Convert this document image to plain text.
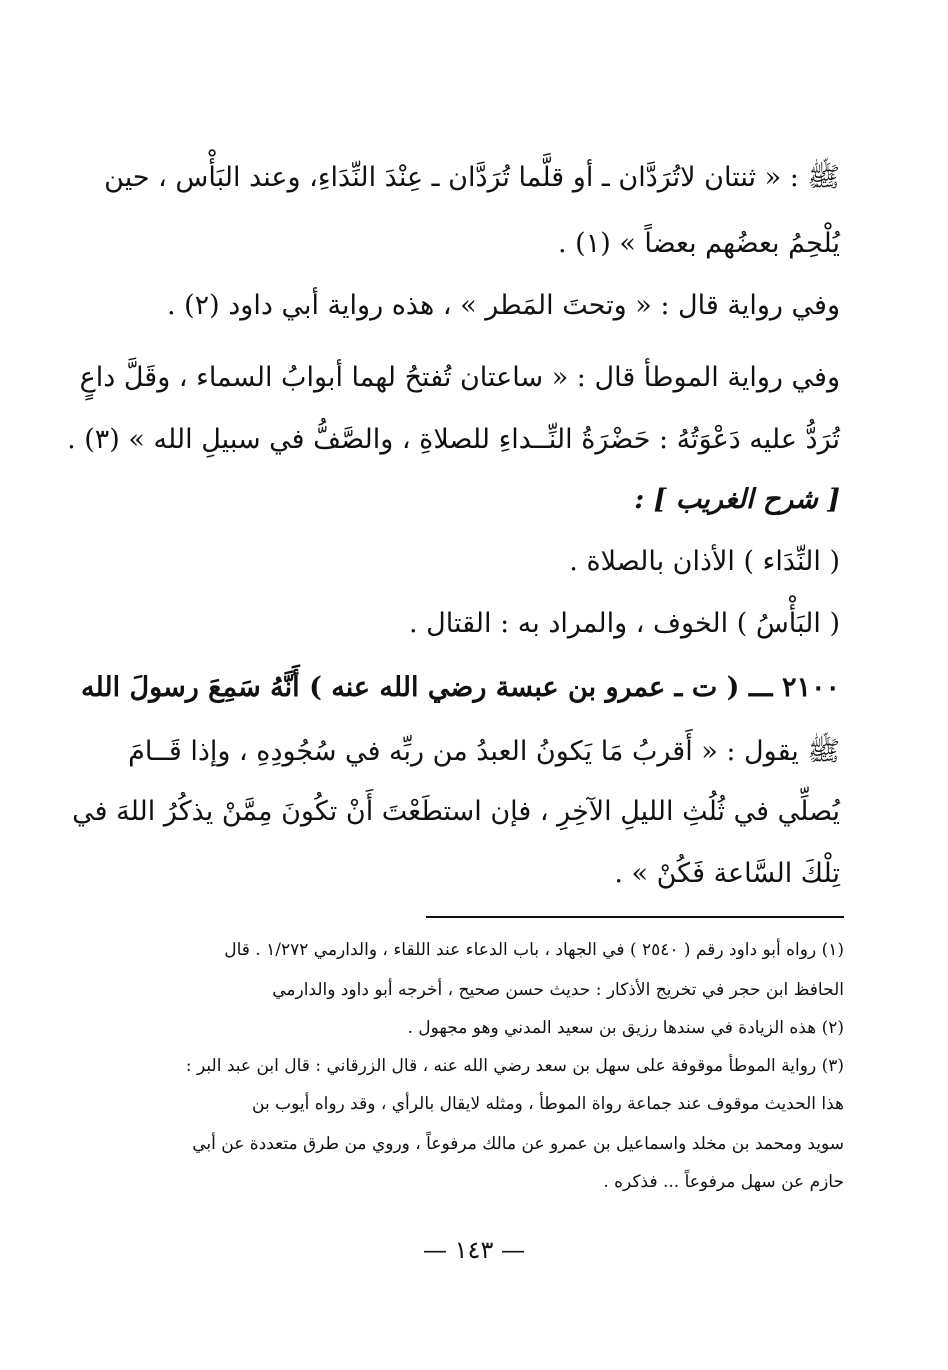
ﷺ : « ثنتان لاتُرَدَّان ـ أو قلَّما تُرَدَّان ـ عِنْدَ النِّدَاءِ، وعند البَأْس ، حين
يُلْحِمُ بعضُهم بعضاً » (١) .
وفي رواية قال : « وتحتَ المَطر » ، هذه رواية أبي داود (٢) .
وفي رواية الموطأ قال : « ساعتان تُفتحُ لهما أبوابُ السماء ، وقَلَّ داعٍ
تُرَدُّ عليه دَعْوَتُهُ : حَضْرَةُ النِّــداءِ للصلاةِ ، والصَّفُّ في سبيلِ الله » (٣) .
[ شرح الغريب ] :
( النِّدَاء ) الأذان بالصلاة .
( البَأْسُ ) الخوف ، والمراد به : القتال .
٢١٠٠ ـــ ( ت ـ عمرو بن عبسة رضي الله عنه ) أَنَّهُ سَمِعَ رسولَ الله
ﷺ يقول : « أَقربُ مَا يَكونُ العبدُ من ربِّه في سُجُودِهِ ، وإذا قَــامَ
يُصلِّي في ثُلُثِ الليلِ الآخِرِ ، فإن استطَعْتَ أَنْ تكُونَ مِمَّنْ يذكُرُ اللهَ في
تِلْكَ السَّاعة فَكُنْ » .
(١) رواه أبو داود رقم ( ٢٥٤٠ ) في الجهاد ، باب الدعاء عند اللقاء ، والدارمي ١/٢٧٢ . قال
الحافظ ابن حجر في تخريج الأذكار : حديث حسن صحيح ، أخرجه أبو داود والدارمي
(٢) هذه الزيادة في سندها رزيق بن سعيد المدني وهو مجهول .
(٣) رواية الموطأ موقوفة على سهل بن سعد رضي الله عنه ، قال الزرقاني : قال ابن عبد البر :
هذا الحديث موقوف عند جماعة رواة الموطأ ، ومثله لايقال بالرأي ، وقد رواه أيوب بن
سويد ومحمد بن مخلد واسماعيل بن عمرو عن مالك مرفوعاً ، وروي من طرق متعددة عن أبي
حازم عن سهل مرفوعاً ... فذكره .
— ١٤٣ —
